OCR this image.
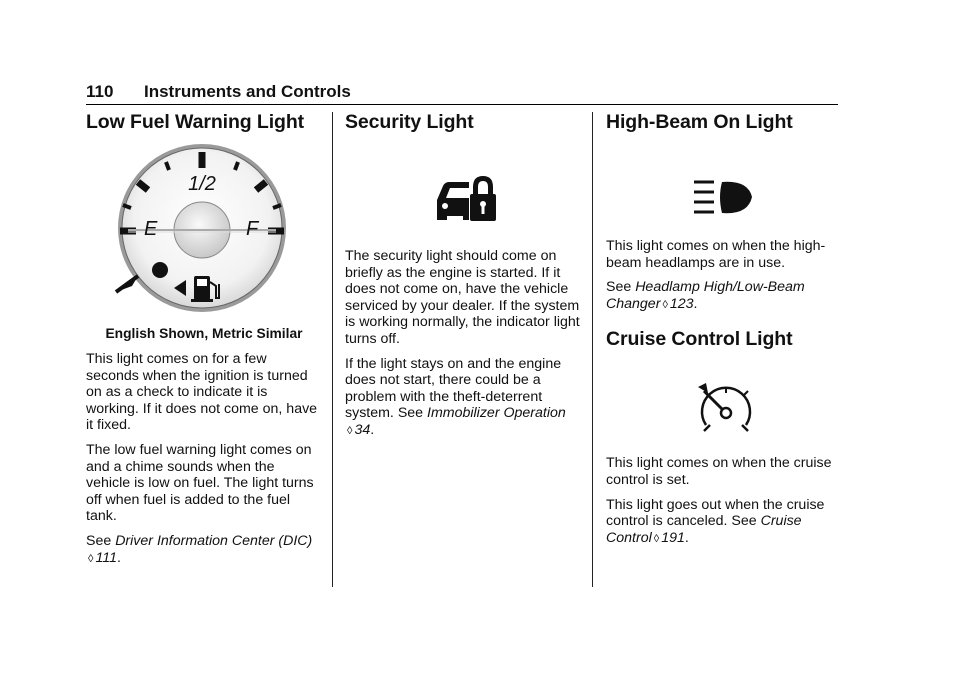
110 Instruments and Controls
Low Fuel Warning Light
1/2
E	F
English Shown, Metric Similar

This light comes on for a few seconds when the ignition is turned on as a check to indicate it is working. If it does not come on, have it fixed.

The low fuel warning light comes on and a chime sounds when the vehicle is low on fuel. The light turns off when fuel is added to the fuel tank.

See Driver Information Center (DIC)
◊ 111.

Security Light

The security light should come on briefly as the engine is started. If it does not come on, have the vehicle serviced by your dealer. If the system is working normally, the indicator light turns off.

If the light stays on and the engine does not start, there could be a problem with the theft-deterrent system. See Immobilizer Operation
◊ 34.

High-Beam On Light

This light comes on when the high-beam headlamps are in use.

See Headlamp High/Low-Beam Changer ◊ 123.

Cruise Control Light

This light comes on when the cruise control is set.

This light goes out when the cruise control is canceled. See Cruise Control ◊ 191.
